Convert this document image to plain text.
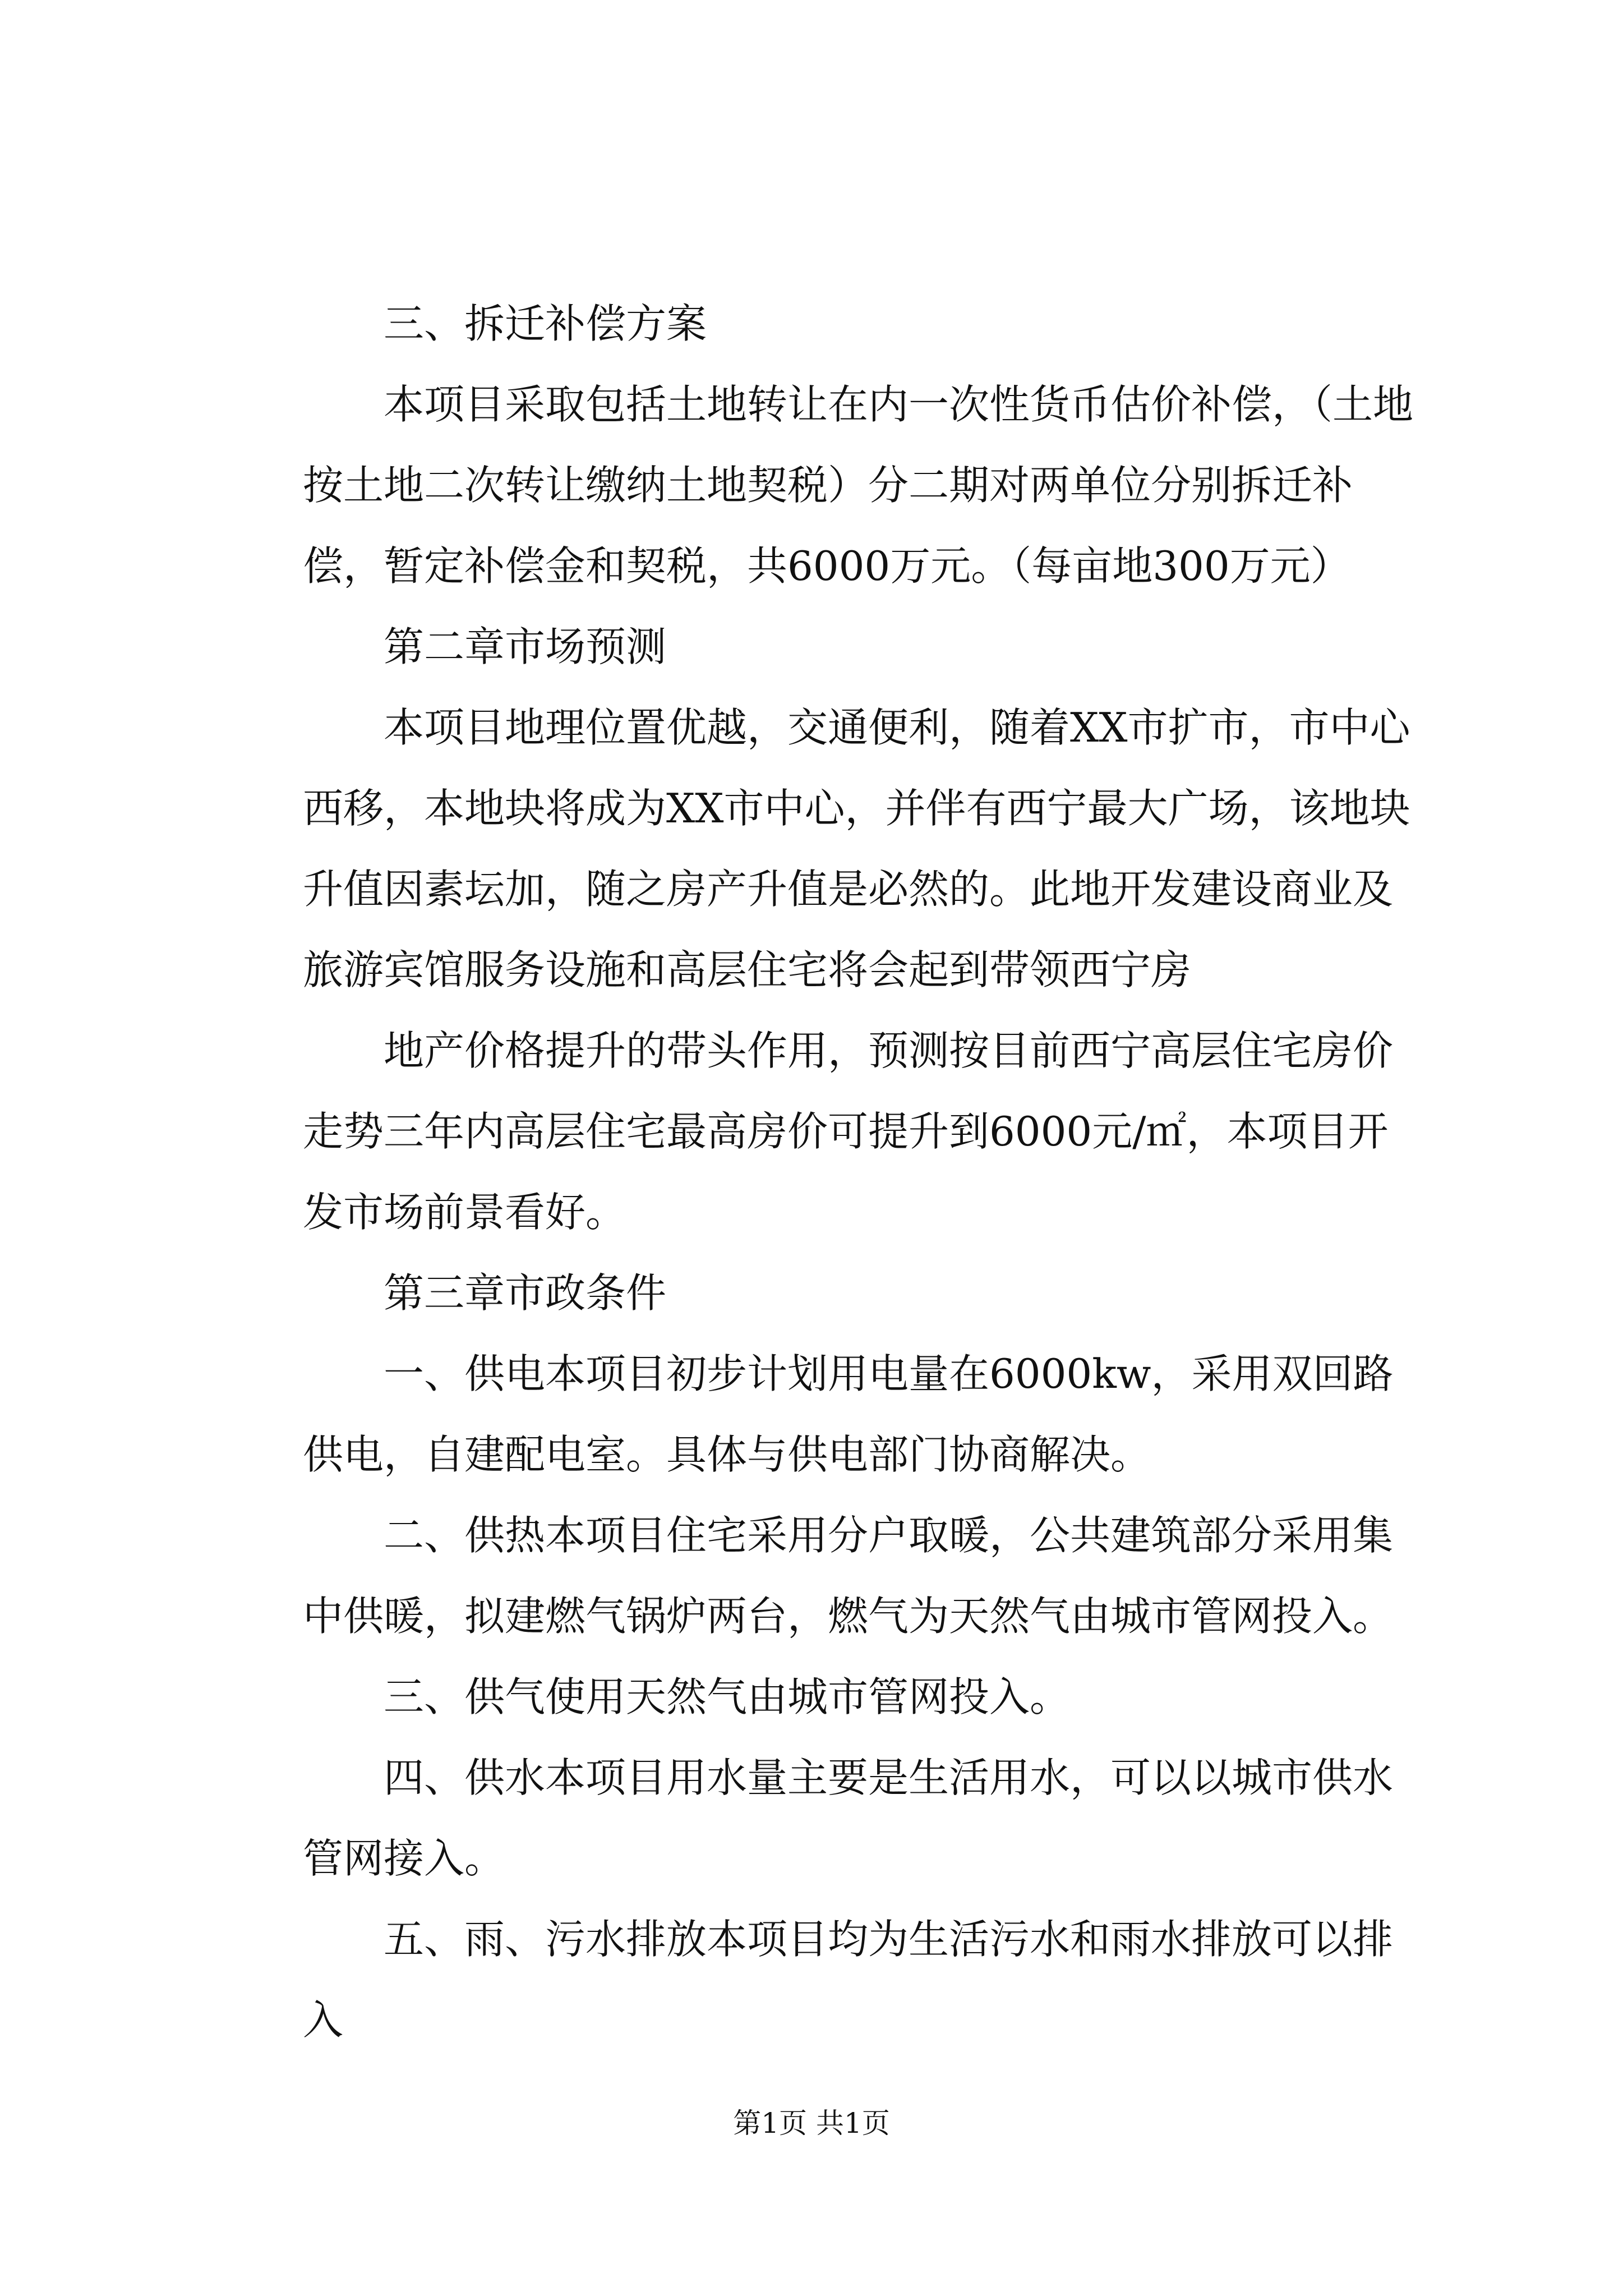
三、拆迁补偿方案

本项目采取包括土地转让在内一次性货币估价补偿，（土地按土地二次转让缴纳土地契税）分二期对两单位分别拆迁补偿，暂定补偿金和契税，共6000万元。（每亩地300万元）

第二章市场预测

本项目地理位置优越，交通便利，随着XX市扩市，市中心西移，本地块将成为XX市中心，并伴有西宁最大广场，该地块升值因素坛加，随之房产升值是必然的。此地开发建设商业及旅游宾馆服务设施和高层住宅将会起到带领西宁房

地产价格提升的带头作用，预测按目前西宁高层住宅房价走势三年内高层住宅最高房价可提升到6000元/㎡，本项目开发市场前景看好。

第三章市政条件

一、供电本项目初步计划用电量在6000kw，采用双回路供电，自建配电室。具体与供电部门协商解决。

二、供热本项目住宅采用分户取暖，公共建筑部分采用集中供暖，拟建燃气锅炉两台，燃气为天然气由城市管网投入。

三、供气使用天然气由城市管网投入。

四、供水本项目用水量主要是生活用水，可以以城市供水管网接入。

五、雨、污水排放本项目均为生活污水和雨水排放可以排入

第1页 共1页
